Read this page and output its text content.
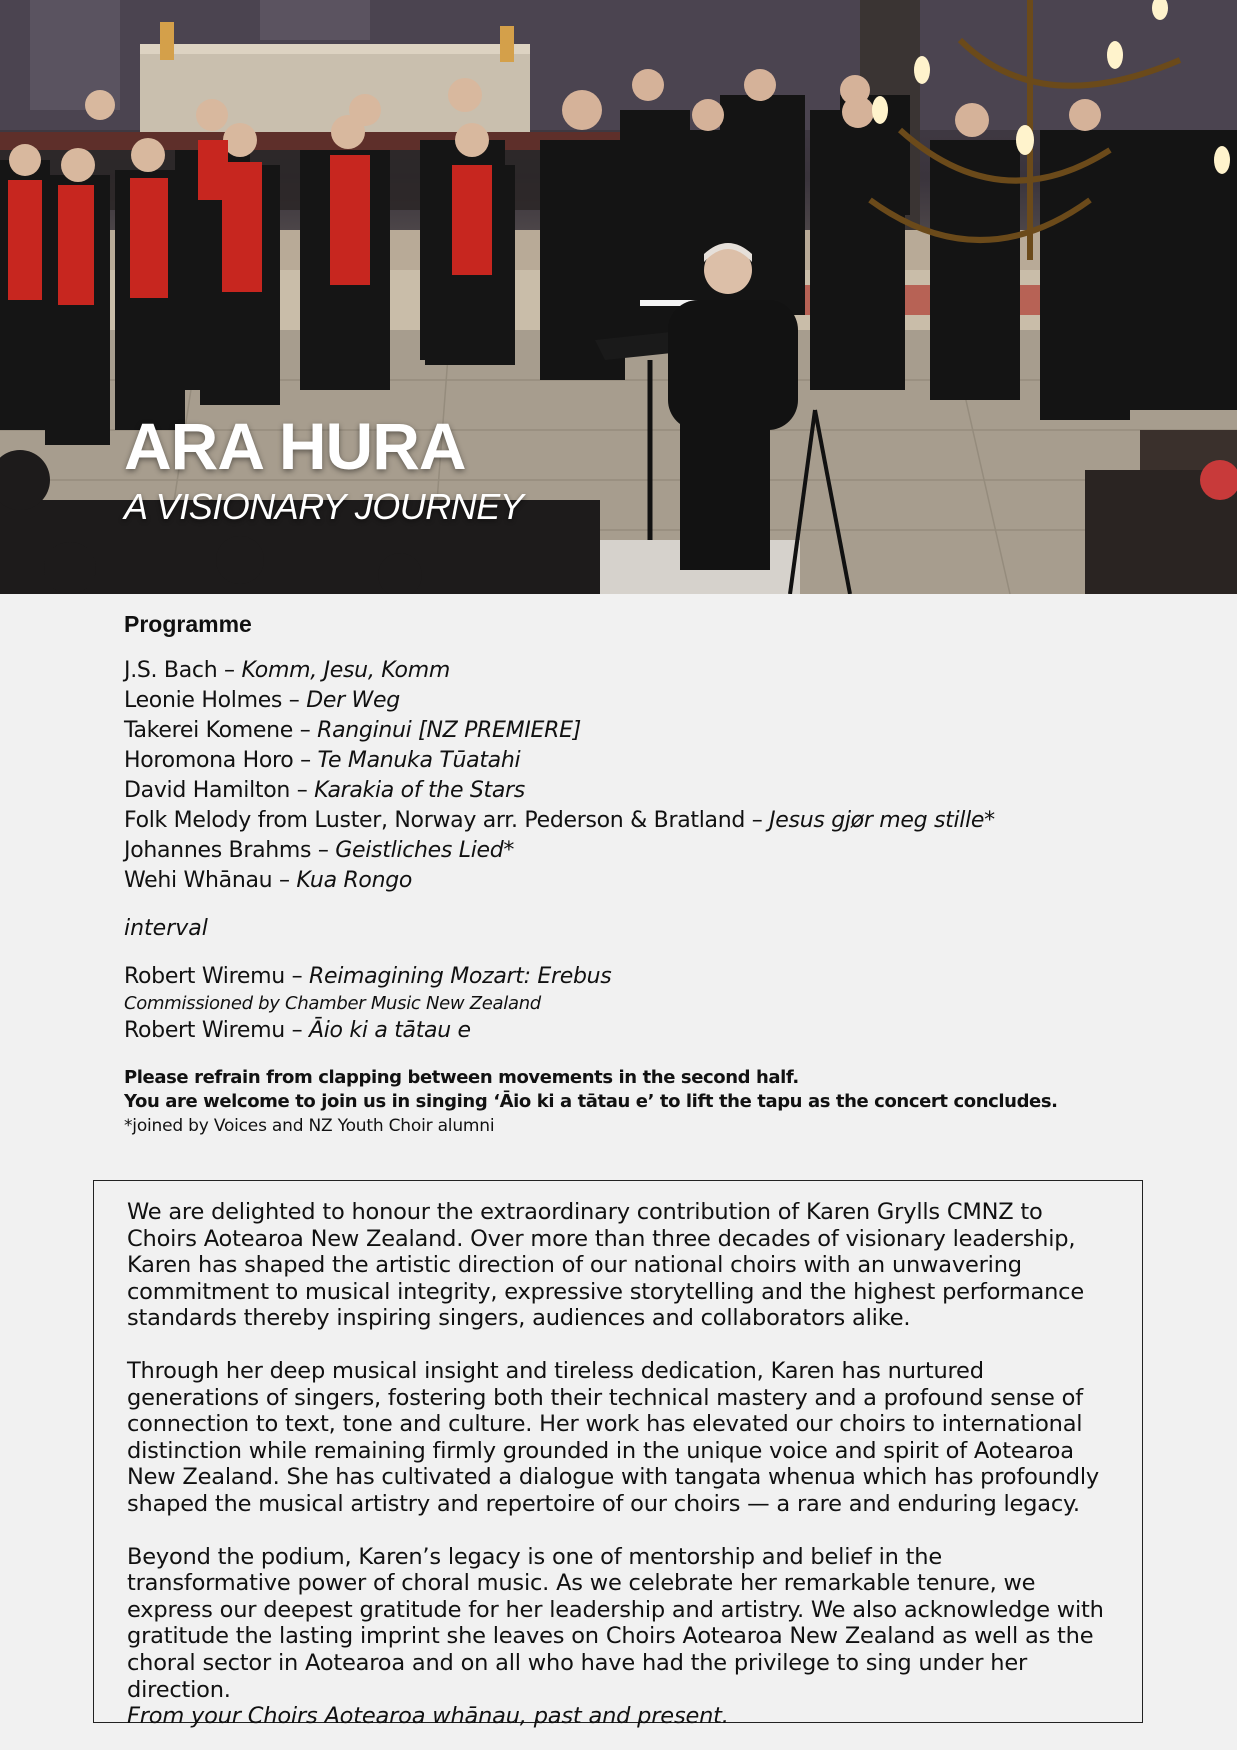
ARA HURA
A VISIONARY JOURNEY
Programme
J.S. Bach – Komm, Jesu, Komm
Leonie Holmes – Der Weg
Takerei Komene – Ranginui [NZ PREMIERE]
Horomona Horo – Te Manuka Tūatahi
David Hamilton – Karakia of the Stars
Folk Melody from Luster, Norway arr. Pederson & Bratland – Jesus gjør meg stille*
Johannes Brahms – Geistliches Lied*
Wehi Whānau – Kua Rongo
interval
Robert Wiremu – Reimagining Mozart: Erebus
Commissioned by Chamber Music New Zealand
Robert Wiremu – Āio ki a tātau e
Please refrain from clapping between movements in the second half.
You are welcome to join us in singing ‘Āio ki a tātau e’ to lift the tapu as the concert concludes.
*joined by Voices and NZ Youth Choir alumni

We are delighted to honour the extraordinary contribution of Karen Grylls CMNZ to Choirs Aotearoa New Zealand. Over more than three decades of visionary leadership, Karen has shaped the artistic direction of our national choirs with an unwavering commitment to musical integrity, expressive storytelling and the highest performance standards thereby inspiring singers, audiences and collaborators alike.

Through her deep musical insight and tireless dedication, Karen has nurtured generations of singers, fostering both their technical mastery and a profound sense of connection to text, tone and culture. Her work has elevated our choirs to international distinction while remaining firmly grounded in the unique voice and spirit of Aotearoa New Zealand. She has cultivated a dialogue with tangata whenua which has profoundly shaped the musical artistry and repertoire of our choirs — a rare and enduring legacy.

Beyond the podium, Karen’s legacy is one of mentorship and belief in the transformative power of choral music. As we celebrate her remarkable tenure, we express our deepest gratitude for her leadership and artistry. We also acknowledge with gratitude the lasting imprint she leaves on Choirs Aotearoa New Zealand as well as the choral sector in Aotearoa and on all who have had the privilege to sing under her direction.

From your Choirs Aotearoa whānau, past and present.
